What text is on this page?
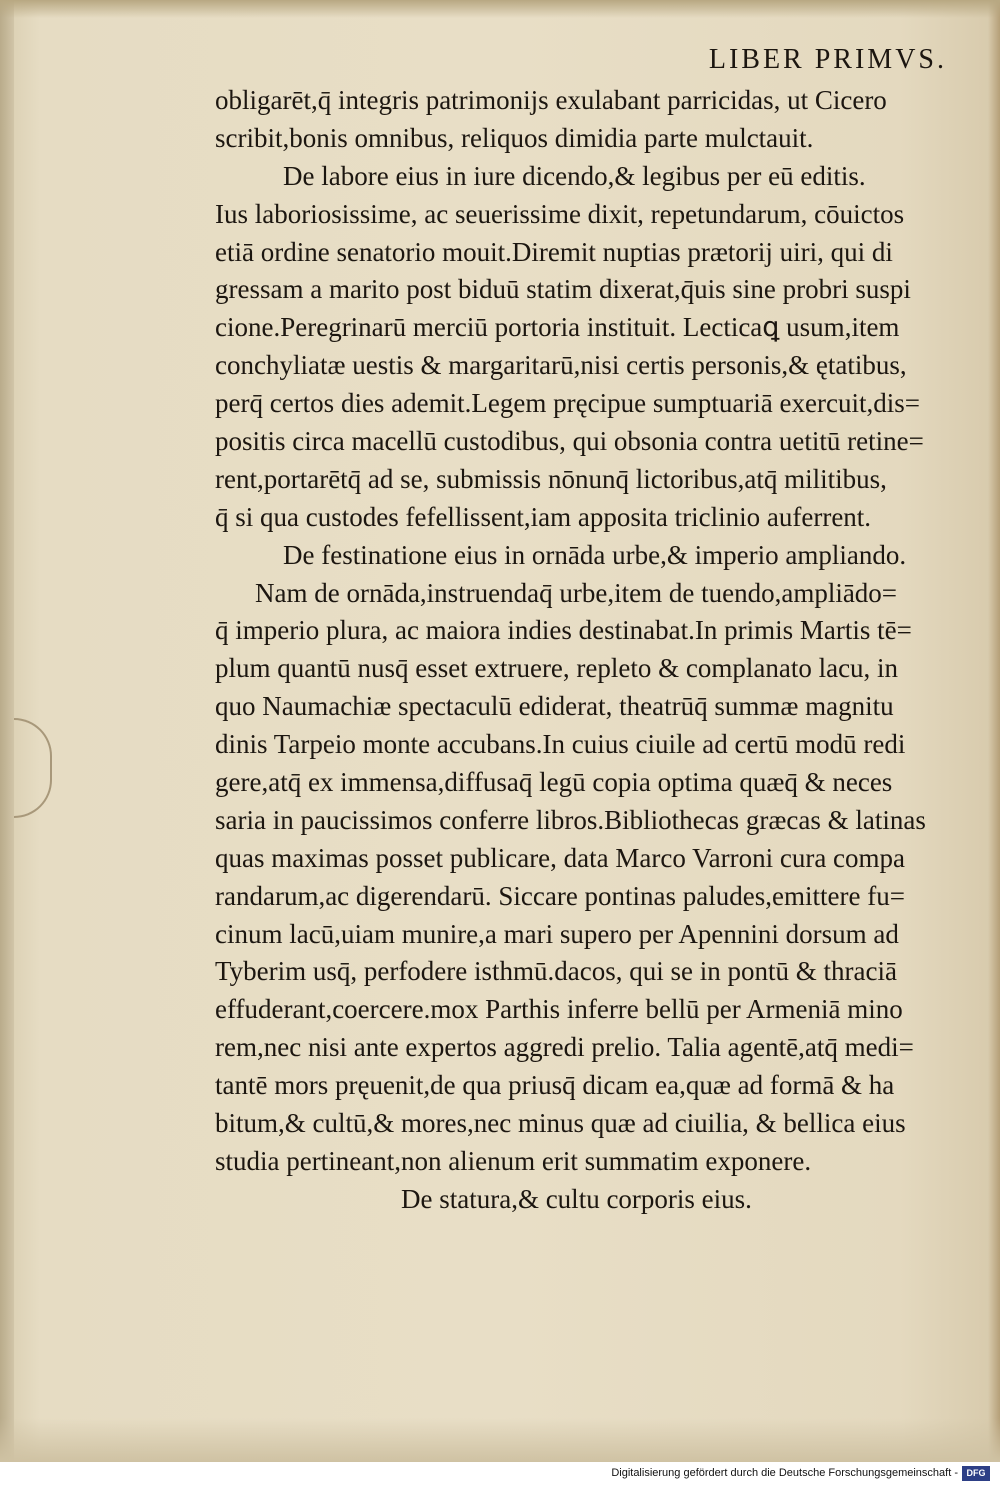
LIBER PRIMVS.
obligarēt,q̄ integris patrimonijs exulabant parricidas, ut Cicero
scribit,bonis omnibus, reliquos dimidia parte mulctauit.
De labore eius in iure dicendo,& legibus per eū editis.
Ius laboriosissime, ac seuerissime dixit, repetundarum, cōuictos
etiā ordine senatorio mouit.Diremit nuptias prætorij uiri, qui di
gressam a marito post biduū statim dixerat,q̄uis sine probri suspi
cione.Peregrinarū merciū portoria instituit. Lecticaꝗ usum,item
conchyliatæ uestis & margaritarū,nisi certis personis,& ętatibus,
perq̄ certos dies ademit.Legem pręcipue sumptuariā exercuit,dis=
positis circa macellū custodibus, qui obsonia contra uetitū retine=
rent,portarētq̄ ad se, submissis nōnunq̄ lictoribus,atq̄ militibus,
q̄ si qua custodes fefellissent,iam apposita triclinio auferrent.
De festinatione eius in ornāda urbe,& imperio ampliando.
Nam de ornāda,instruendaq̄ urbe,item de tuendo,ampliādo=
q̄ imperio plura, ac maiora indies destinabat.In primis Martis tē=
plum quantū nusq̄ esset extruere, repleto & complanato lacu, in
quo Naumachiæ spectaculū ediderat, theatrūq̄ summæ magnitu
dinis Tarpeio monte accubans.In cuius ciuile ad certū modū redi
gere,atq̄ ex immensa,diffusaq̄ legū copia optima quæq̄ & neces
saria in paucissimos conferre libros.Bibliothecas græcas & latinas
quas maximas posset publicare, data Marco Varroni cura compa
randarum,ac digerendarū. Siccare pontinas paludes,emittere fu=
cinum lacū,uiam munire,a mari supero per Apennini dorsum ad
Tyberim usq̄, perfodere isthmū.dacos, qui se in pontū & thraciā
effuderant,coercere.mox Parthis inferre bellū per Armeniā mino
rem,nec nisi ante expertos aggredi prelio. Talia agentē,atq̄ medi=
tantē mors pręuenit,de qua priusq̄ dicam ea,quæ ad formā & ha
bitum,& cultū,& mores,nec minus quæ ad ciuilia, & bellica eius
studia pertineant,non alienum erit summatim exponere.
De statura,& cultu corporis eius.
Digitalisierung gefördert durch die Deutsche Forschungsgemeinschaft - DFG
